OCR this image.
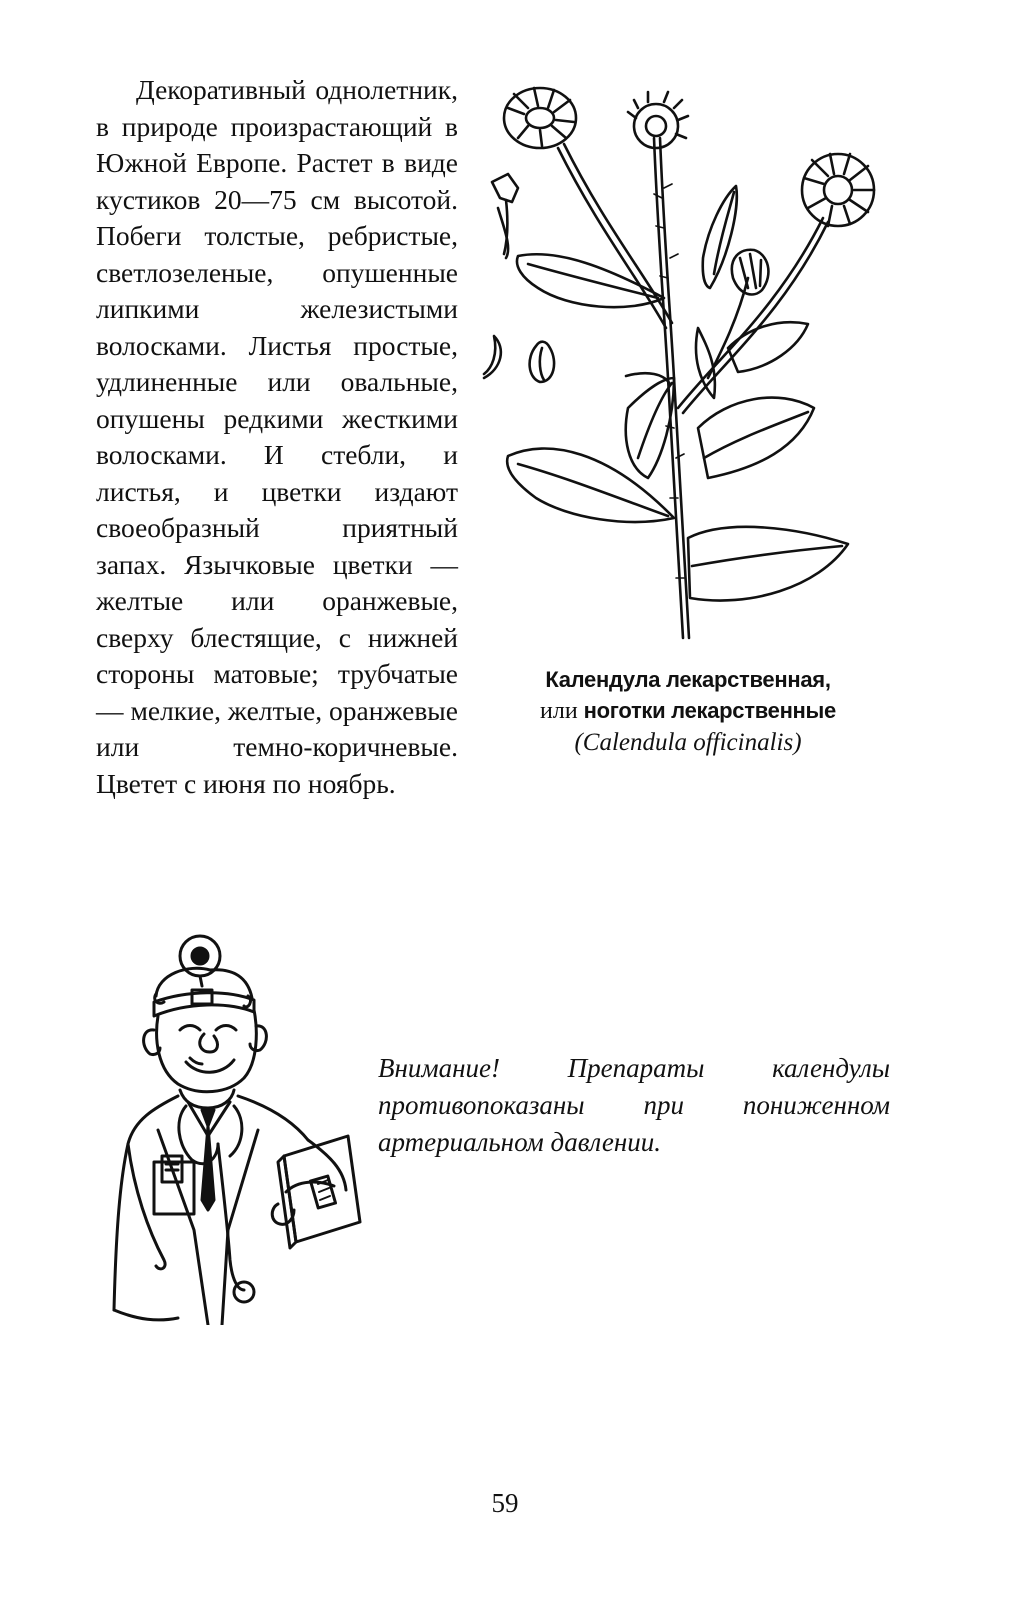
Декоративный однолетник, в природе произрастающий в Южной Европе. Растет в виде кустиков 20—75 см высотой. Побеги толстые, ребристые, светлозеленые, опушенные липкими железистыми волосками. Листья простые, удлиненные или овальные, опушены редкими жесткими волосками. И стебли, и листья, и цветки издают своеобразный приятный запах. Язычковые цветки — желтые или оранжевые, сверху блестящие, с нижней стороны матовые; трубчатые — мелкие, желтые, оранжевые или темно-коричневые. Цветет с июня по ноябрь.

Календула лекарственная,
или ноготки лекарственные
(Calendula officinalis)

Внимание! Препараты календулы противопоказаны при пониженном артериальном давлении.

59
